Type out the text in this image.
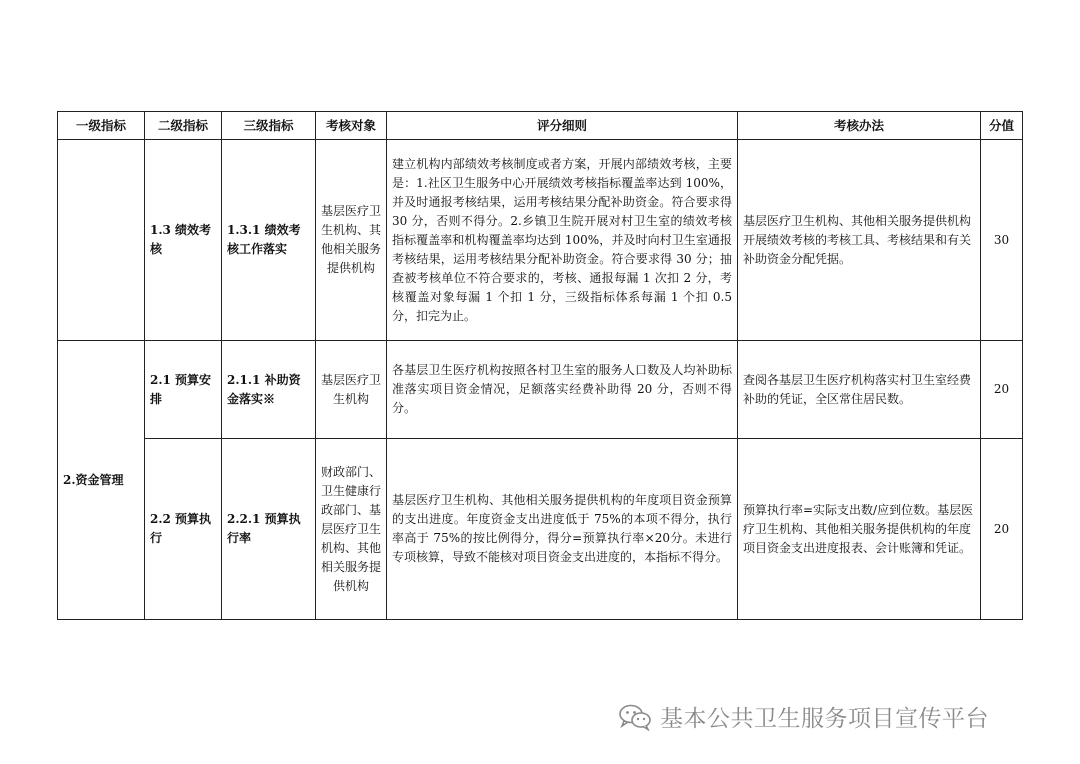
一级指标	二级指标	三级指标	考核对象	评分细则	考核办法	分值
	1.3 绩效考核	1.3.1 绩效考核工作落实	基层医疗卫生机构、其他相关服务提供机构	建立机构内部绩效考核制度或者方案，开展内部绩效考核，主要是：1.社区卫生服务中心开展绩效考核指标覆盖率达到 100%，并及时通报考核结果，运用考核结果分配补助资金。符合要求得 30 分，否则不得分。2.乡镇卫生院开展对村卫生室的绩效考核指标覆盖率和机构覆盖率均达到 100%，并及时向村卫生室通报考核结果，运用考核结果分配补助资金。符合要求得 30 分；抽查被考核单位不符合要求的，考核、通报每漏 1 次扣 2 分，考核覆盖对象每漏 1 个扣 1 分，三级指标体系每漏 1 个扣 0.5 分，扣完为止。	基层医疗卫生机构、其他相关服务提供机构开展绩效考核的考核工具、考核结果和有关补助资金分配凭据。	30
2.资金管理	2.1 预算安排	2.1.1 补助资金落实※	基层医疗卫生机构	各基层卫生医疗机构按照各村卫生室的服务人口数及人均补助标准落实项目资金情况，足额落实经费补助得 20 分，否则不得分。	查阅各基层卫生医疗机构落实村卫生室经费补助的凭证，全区常住居民数。	20
	2.2 预算执行	2.2.1 预算执行率	财政部门、卫生健康行政部门、基层医疗卫生机构、其他相关服务提供机构	基层医疗卫生机构、其他相关服务提供机构的年度项目资金预算的支出进度。年度资金支出进度低于 75%的本项不得分，执行率高于 75%的按比例得分，得分=预算执行率×20分。未进行专项核算，导致不能核对项目资金支出进度的，本指标不得分。	预算执行率=实际支出数/应到位数。基层医疗卫生机构、其他相关服务提供机构的年度项目资金支出进度报表、会计账簿和凭证。	20
基本公共卫生服务项目宣传平台
